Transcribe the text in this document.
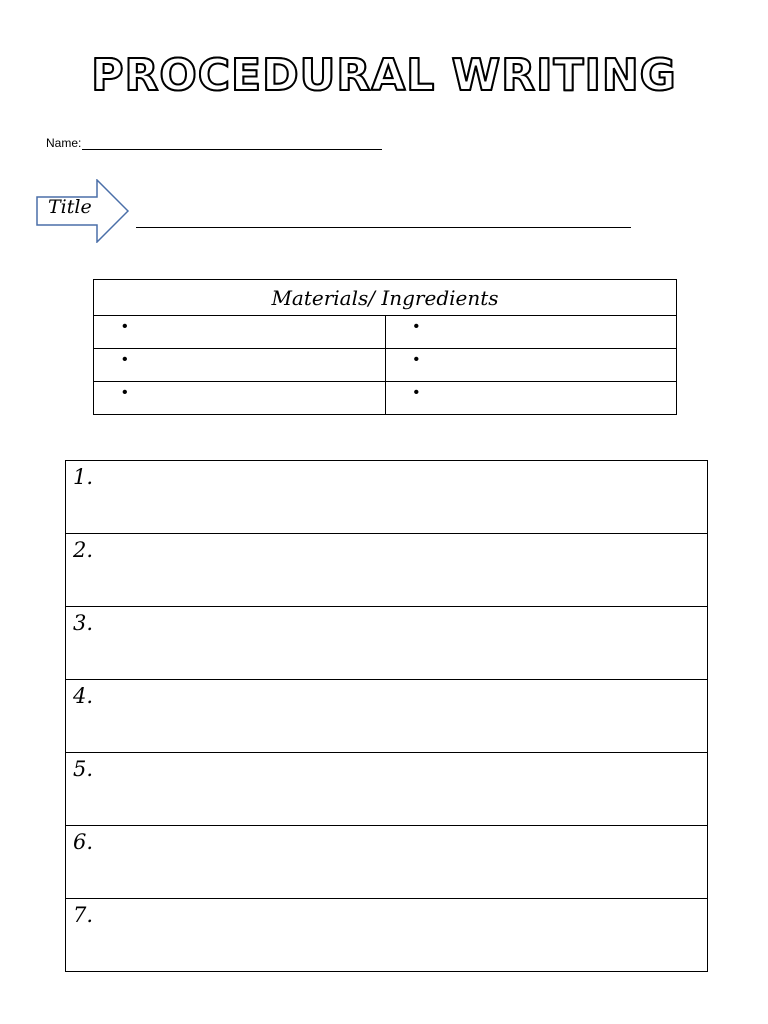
PROCEDURAL WRITING
Name:
Title
Materials/ Ingredients	
•	•
•	•
•	•
1.
2.
3.
4.
5.
6.
7.
